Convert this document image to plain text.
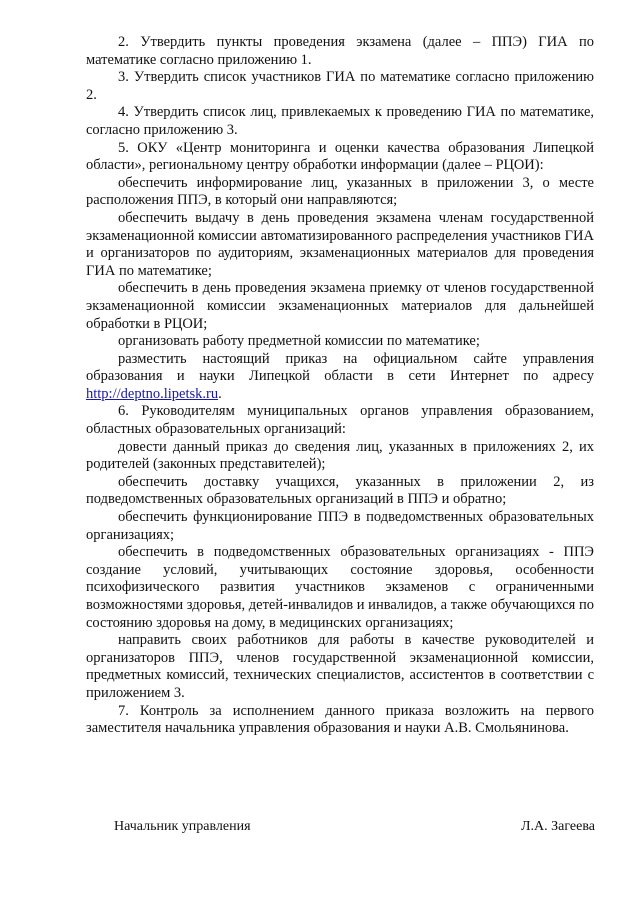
2. Утвердить пункты проведения экзамена (далее – ППЭ) ГИА по математике согласно приложению 1.

3. Утвердить список участников ГИА по математике согласно приложению 2.

4. Утвердить список лиц, привлекаемых к проведению ГИА по математике, согласно приложению 3.

5. ОКУ «Центр мониторинга и оценки качества образования Липецкой области», региональному центру обработки информации (далее – РЦОИ):

обеспечить информирование лиц, указанных в приложении 3, о месте расположения ППЭ, в который они направляются;

обеспечить выдачу в день проведения экзамена членам государственной экзаменационной комиссии автоматизированного распределения участников ГИА и организаторов по аудиториям, экзаменационных материалов для проведения ГИА по математике;

обеспечить в день проведения экзамена приемку от членов государственной экзаменационной комиссии экзаменационных материалов для дальнейшей обработки в РЦОИ;

организовать работу предметной комиссии по математике;

разместить настоящий приказ на официальном сайте управления образования и науки Липецкой области в сети Интернет по адресу http://deptno.lipetsk.ru.

6. Руководителям муниципальных органов управления образованием, областных образовательных организаций:

довести данный приказ до сведения лиц, указанных в приложениях 2, их родителей (законных представителей);

обеспечить доставку учащихся, указанных в приложении 2, из подведомственных образовательных организаций в ППЭ и обратно;

обеспечить функционирование ППЭ в подведомственных образовательных организациях;

обеспечить в подведомственных образовательных организациях - ППЭ создание условий, учитывающих состояние здоровья, особенности психофизического развития участников экзаменов с ограниченными возможностями здоровья, детей-инвалидов и инвалидов, а также обучающихся по состоянию здоровья на дому, в медицинских организациях;

направить своих работников для работы в качестве руководителей и организаторов ППЭ, членов государственной экзаменационной комиссии, предметных комиссий, технических специалистов, ассистентов в соответствии с приложением 3.

7. Контроль за исполнением данного приказа возложить на первого заместителя начальника управления образования и науки А.В. Смольянинова.

Начальник управления	Л.А. Загеева
